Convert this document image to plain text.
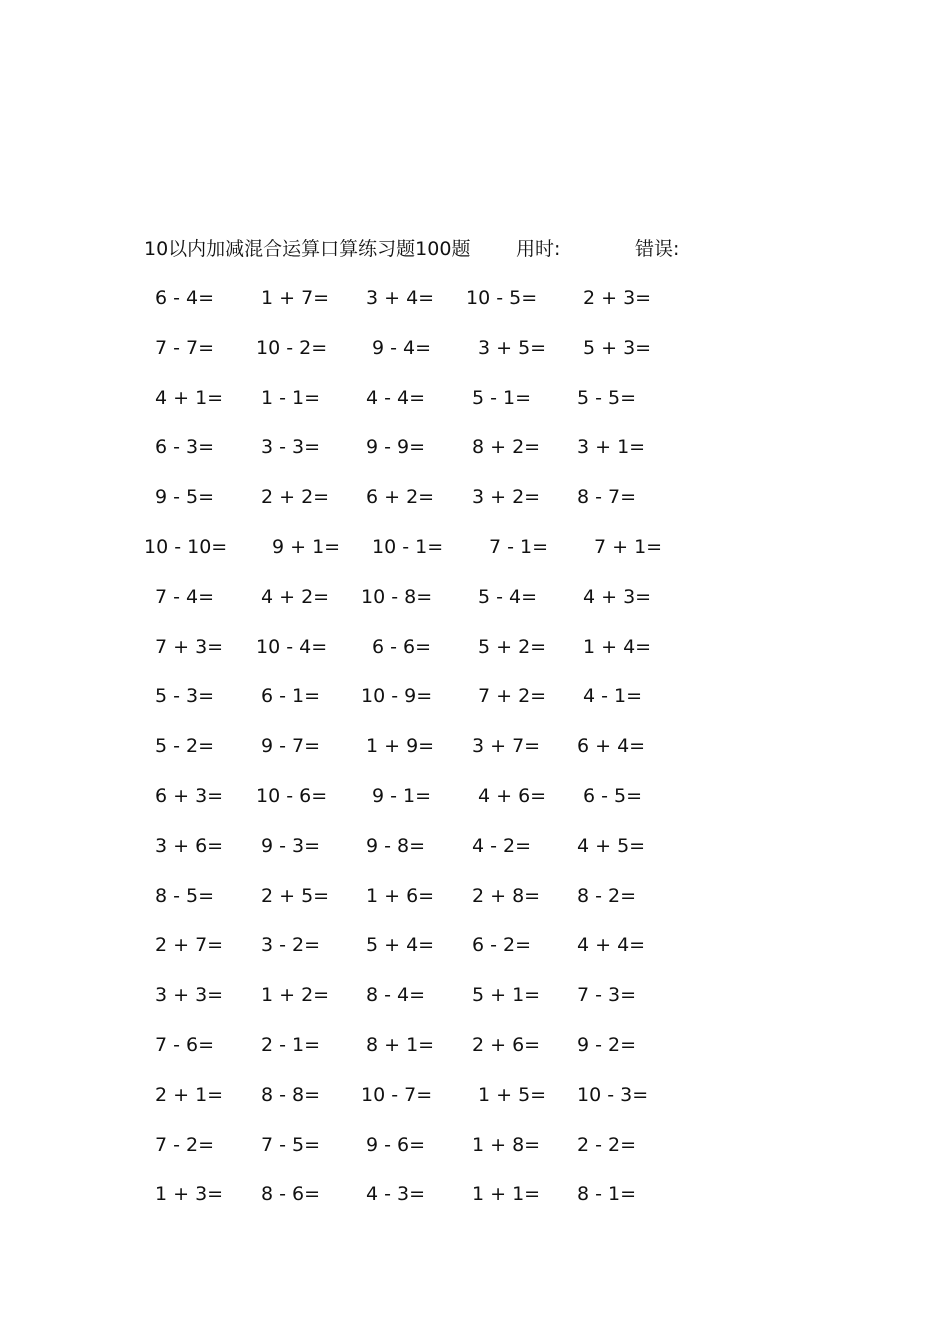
10以内加减混合运算口算练习题100题 用时:	错误:
6 - 4= 1 + 7= 3 + 4= 10 - 5= 2 + 3=
7 - 7= 10 - 2= 9 - 4= 3 + 5= 5 + 3=
4 + 1= 1 - 1= 4 - 4= 5 - 1= 5 - 5=
6 - 3= 3 - 3= 9 - 9= 8 + 2= 3 + 1=
9 - 5= 2 + 2= 6 + 2= 3 + 2= 8 - 7=
10 - 10= 9 + 1= 10 - 1= 7 - 1= 7 + 1=
7 - 4= 4 + 2= 10 - 8= 5 - 4= 4 + 3=
7 + 3= 10 - 4= 6 - 6= 5 + 2= 1 + 4=
5 - 3= 6 - 1= 10 - 9= 7 + 2= 4 - 1=
5 - 2= 9 - 7= 1 + 9= 3 + 7= 6 + 4=
6 + 3= 10 - 6= 9 - 1= 4 + 6= 6 - 5=
3 + 6= 9 - 3= 9 - 8= 4 - 2= 4 + 5=
8 - 5= 2 + 5= 1 + 6= 2 + 8= 8 - 2=
2 + 7= 3 - 2= 5 + 4= 6 - 2= 4 + 4=
3 + 3= 1 + 2= 8 - 4= 5 + 1= 7 - 3=
7 - 6= 2 - 1= 8 + 1= 2 + 6= 9 - 2=
2 + 1= 8 - 8= 10 - 7= 1 + 5= 10 - 3=
7 - 2= 7 - 5= 9 - 6= 1 + 8= 2 - 2=
1 + 3= 8 - 6= 4 - 3= 1 + 1= 8 - 1=
